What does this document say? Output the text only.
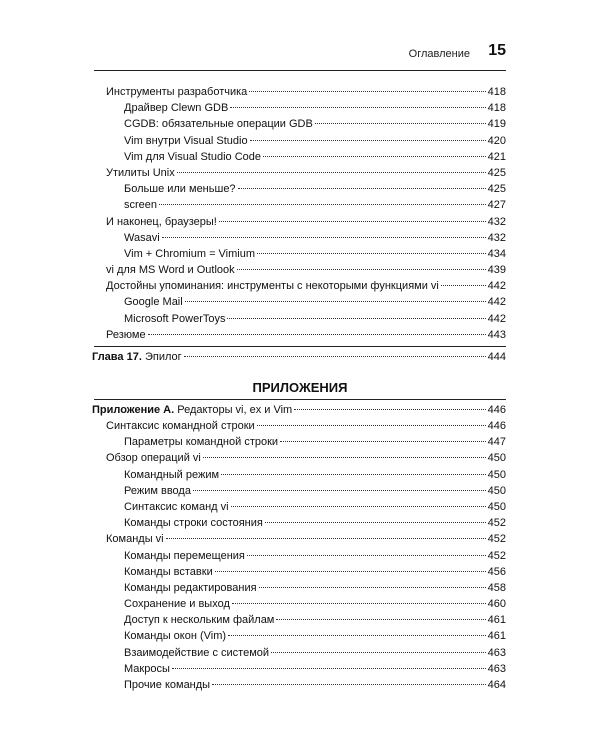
Оглавление 15
Инструменты разработчика	418
Драйвер Clewn GDB	418
CGDB: обязательные операции GDB	419
Vim внутри Visual Studio	420
Vim для Visual Studio Code	421
Утилиты Unix	425
Больше или меньше?	425
screen	427
И наконец, браузеры!	432
Wasavi	432
Vim + Chromium = Vimium	434
vi для MS Word и Outlook	439
Достойны упоминания: инструменты с некоторыми функциями vi	442
Google Mail	442
Microsoft PowerToys	442
Резюме	443
Глава 17. Эпилог	444
ПРИЛОЖЕНИЯ
Приложение А. Редакторы vi, ex и Vim	446
Синтаксис командной строки	446
Параметры командной строки	447
Обзор операций vi	450
Командный режим	450
Режим ввода	450
Синтаксис команд vi	450
Команды строки состояния	452
Команды vi	452
Команды перемещения	452
Команды вставки	456
Команды редактирования	458
Сохранение и выход	460
Доступ к нескольким файлам	461
Команды окон (Vim)	461
Взаимодействие с системой	463
Макросы	463
Прочие команды	464
